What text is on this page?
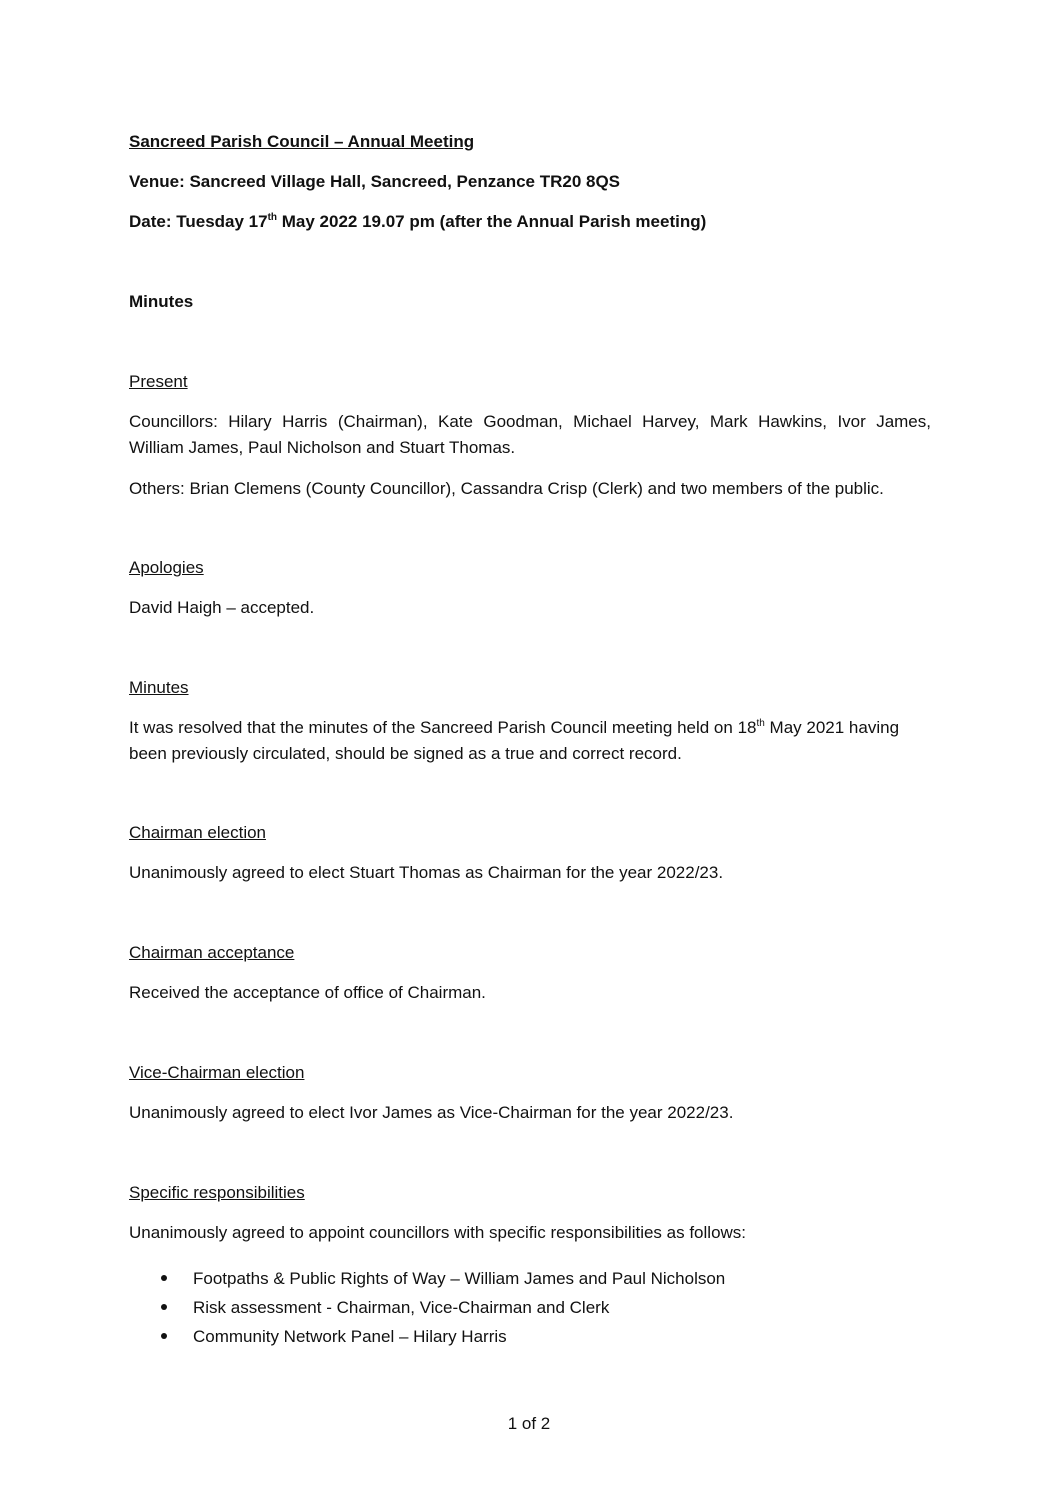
Sancreed Parish Council – Annual Meeting
Venue: Sancreed Village Hall, Sancreed, Penzance TR20 8QS
Date: Tuesday 17th May 2022 19.07 pm (after the Annual Parish meeting)
Minutes
Present
Councillors: Hilary Harris (Chairman), Kate Goodman, Michael Harvey, Mark Hawkins, Ivor James,
William James, Paul Nicholson and Stuart Thomas.
Others: Brian Clemens (County Councillor), Cassandra Crisp (Clerk) and two members of the public.
Apologies
David Haigh – accepted.
Minutes
It was resolved that the minutes of the Sancreed Parish Council meeting held on 18th May 2021 having
been previously circulated, should be signed as a true and correct record.
Chairman election
Unanimously agreed to elect Stuart Thomas as Chairman for the year 2022/23.
Chairman acceptance
Received the acceptance of office of Chairman.
Vice-Chairman election
Unanimously agreed to elect Ivor James as Vice-Chairman for the year 2022/23.
Specific responsibilities
Unanimously agreed to appoint councillors with specific responsibilities as follows:
Footpaths & Public Rights of Way – William James and Paul Nicholson
Risk assessment - Chairman, Vice-Chairman and Clerk
Community Network Panel – Hilary Harris
1 of 2
